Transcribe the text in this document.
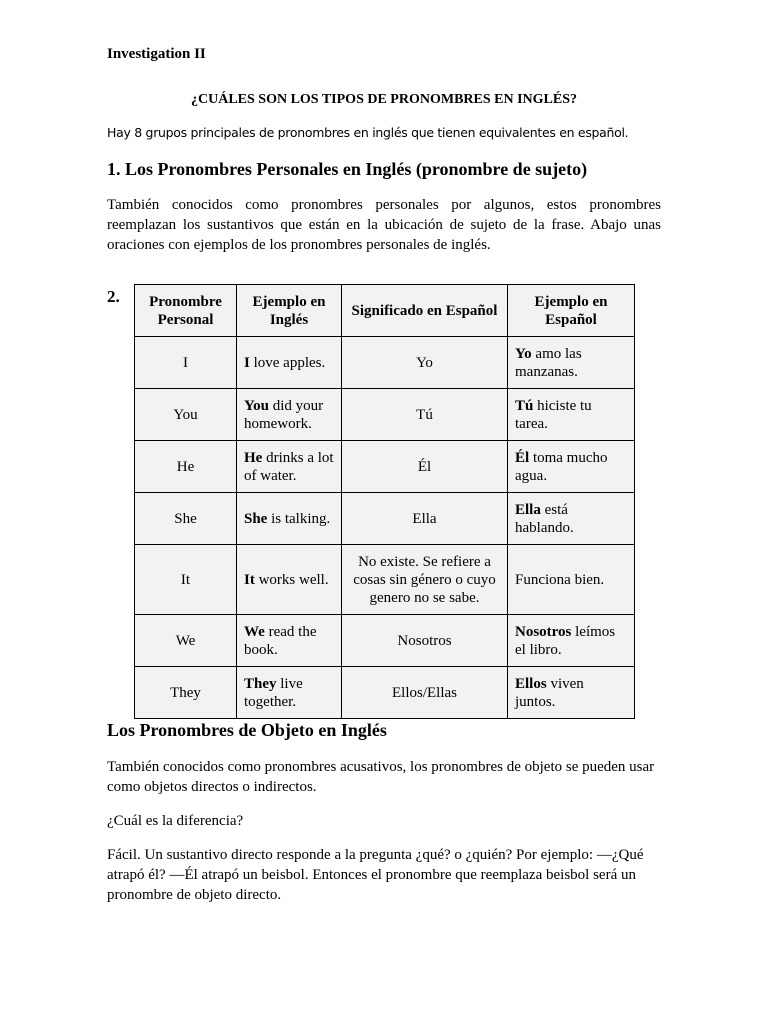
Investigation II
¿CUÁLES SON LOS TIPOS DE PRONOMBRES EN INGLÉS?
Hay 8 grupos principales de pronombres en inglés que tienen equivalentes en español.
1. Los Pronombres Personales en Inglés (pronombre de sujeto)
También conocidos como pronombres personales por algunos, estos pronombres reemplazan los sustantivos que están en la ubicación de sujeto de la frase. Abajo unas oraciones con ejemplos de los pronombres personales de inglés.
2. Pronombre Personal	Ejemplo en Inglés	Significado en Español	Ejemplo en Español
I	I love apples.	Yo	Yo amo las manzanas.
You	You did your homework.	Tú	Tú hiciste tu tarea.
He	He drinks a lot of water.	Él	Él toma mucho agua.
She	She is talking.	Ella	Ella está hablando.
It	It works well.	No existe. Se refiere a cosas sin género o cuyo genero no se sabe.	Funciona bien.
We	We read the book.	Nosotros	Nosotros leímos el libro.
They	They live together.	Ellos/Ellas	Ellos viven juntos.
Los Pronombres de Objeto en Inglés
También conocidos como pronombres acusativos, los pronombres de objeto se pueden usar como objetos directos o indirectos.
¿Cuál es la diferencia?
Fácil. Un sustantivo directo responde a la pregunta ¿qué? o ¿quién? Por ejemplo: —¿Qué atrapó él? —Él atrapó un beisbol. Entonces el pronombre que reemplaza beisbol será un pronombre de objeto directo.
